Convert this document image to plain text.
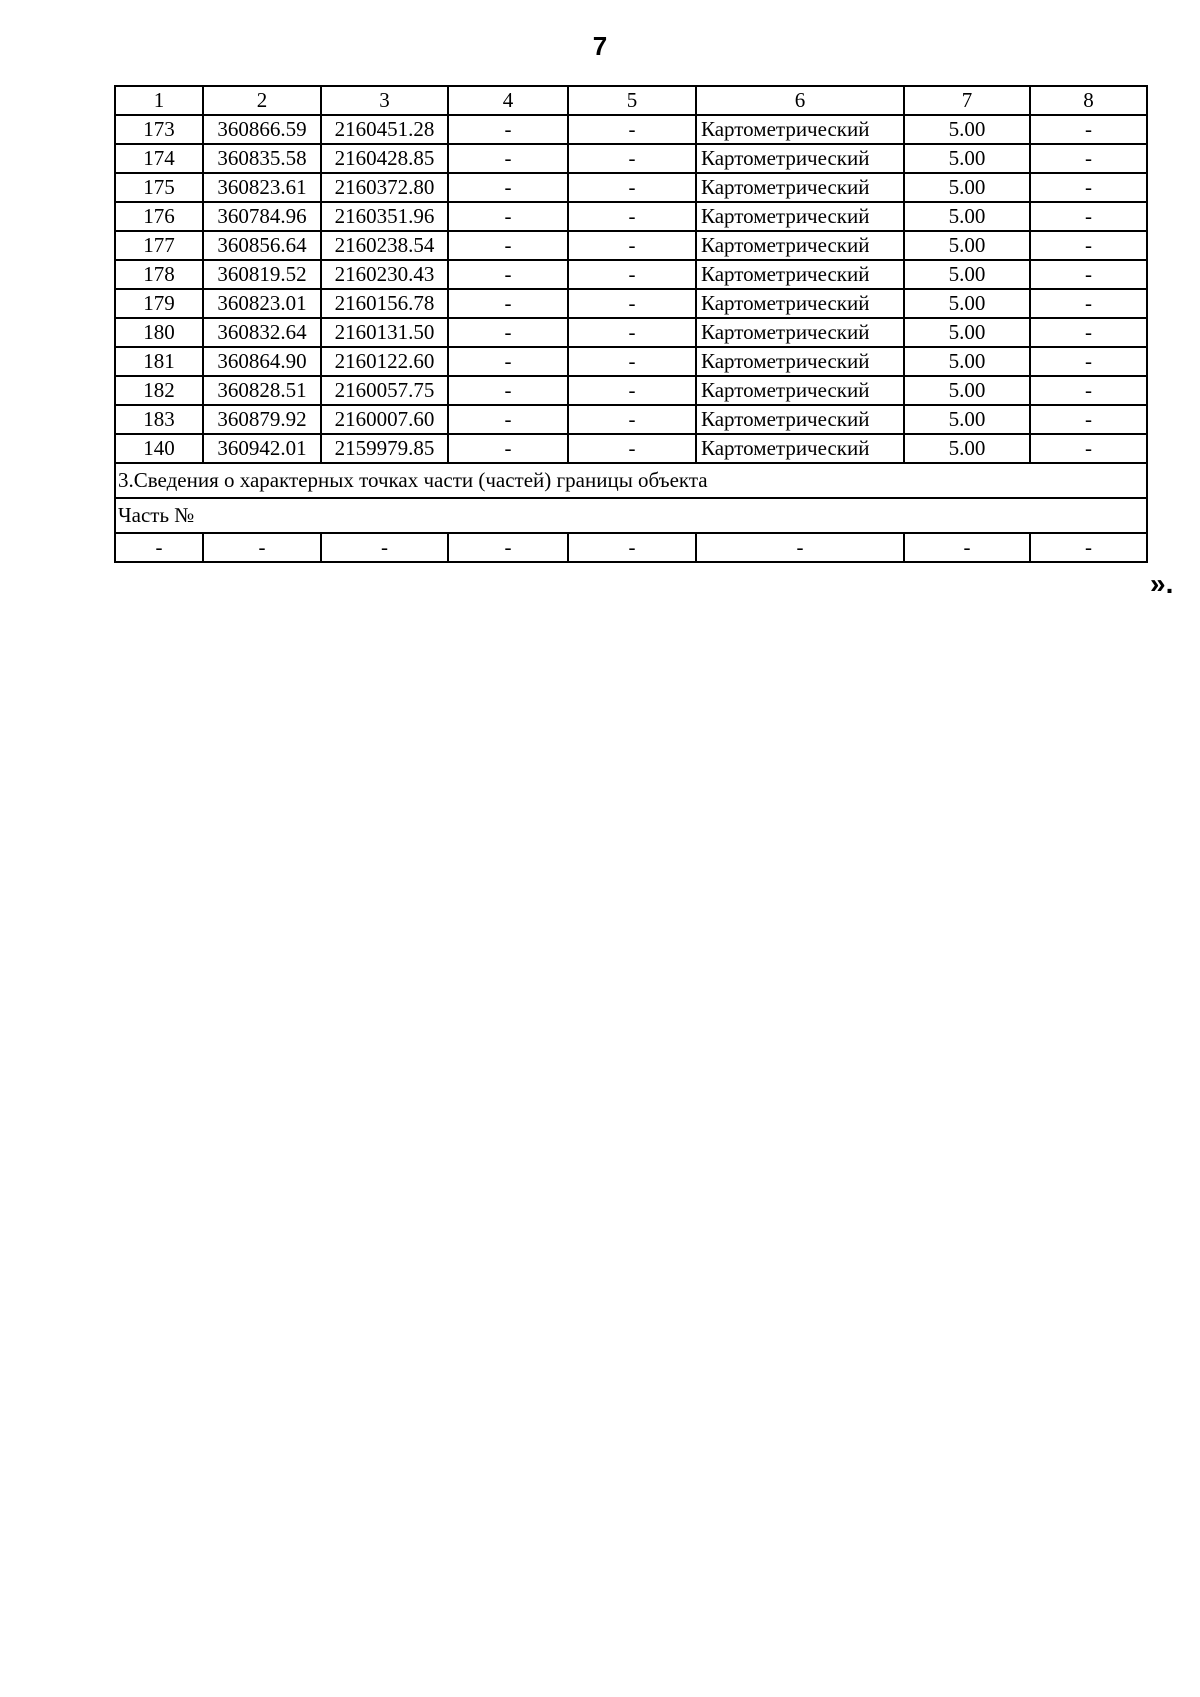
7
1	2	3	4	5	6	7	8
173	360866.59	2160451.28	-	-	Картометрический	5.00	-
174	360835.58	2160428.85	-	-	Картометрический	5.00	-
175	360823.61	2160372.80	-	-	Картометрический	5.00	-
176	360784.96	2160351.96	-	-	Картометрический	5.00	-
177	360856.64	2160238.54	-	-	Картометрический	5.00	-
178	360819.52	2160230.43	-	-	Картометрический	5.00	-
179	360823.01	2160156.78	-	-	Картометрический	5.00	-
180	360832.64	2160131.50	-	-	Картометрический	5.00	-
181	360864.90	2160122.60	-	-	Картометрический	5.00	-
182	360828.51	2160057.75	-	-	Картометрический	5.00	-
183	360879.92	2160007.60	-	-	Картометрический	5.00	-
140	360942.01	2159979.85	-	-	Картометрический	5.00	-
3.Сведения о характерных точках части (частей) границы объекта							
Часть №							
-	-	-	-	-	-	-	-
».
